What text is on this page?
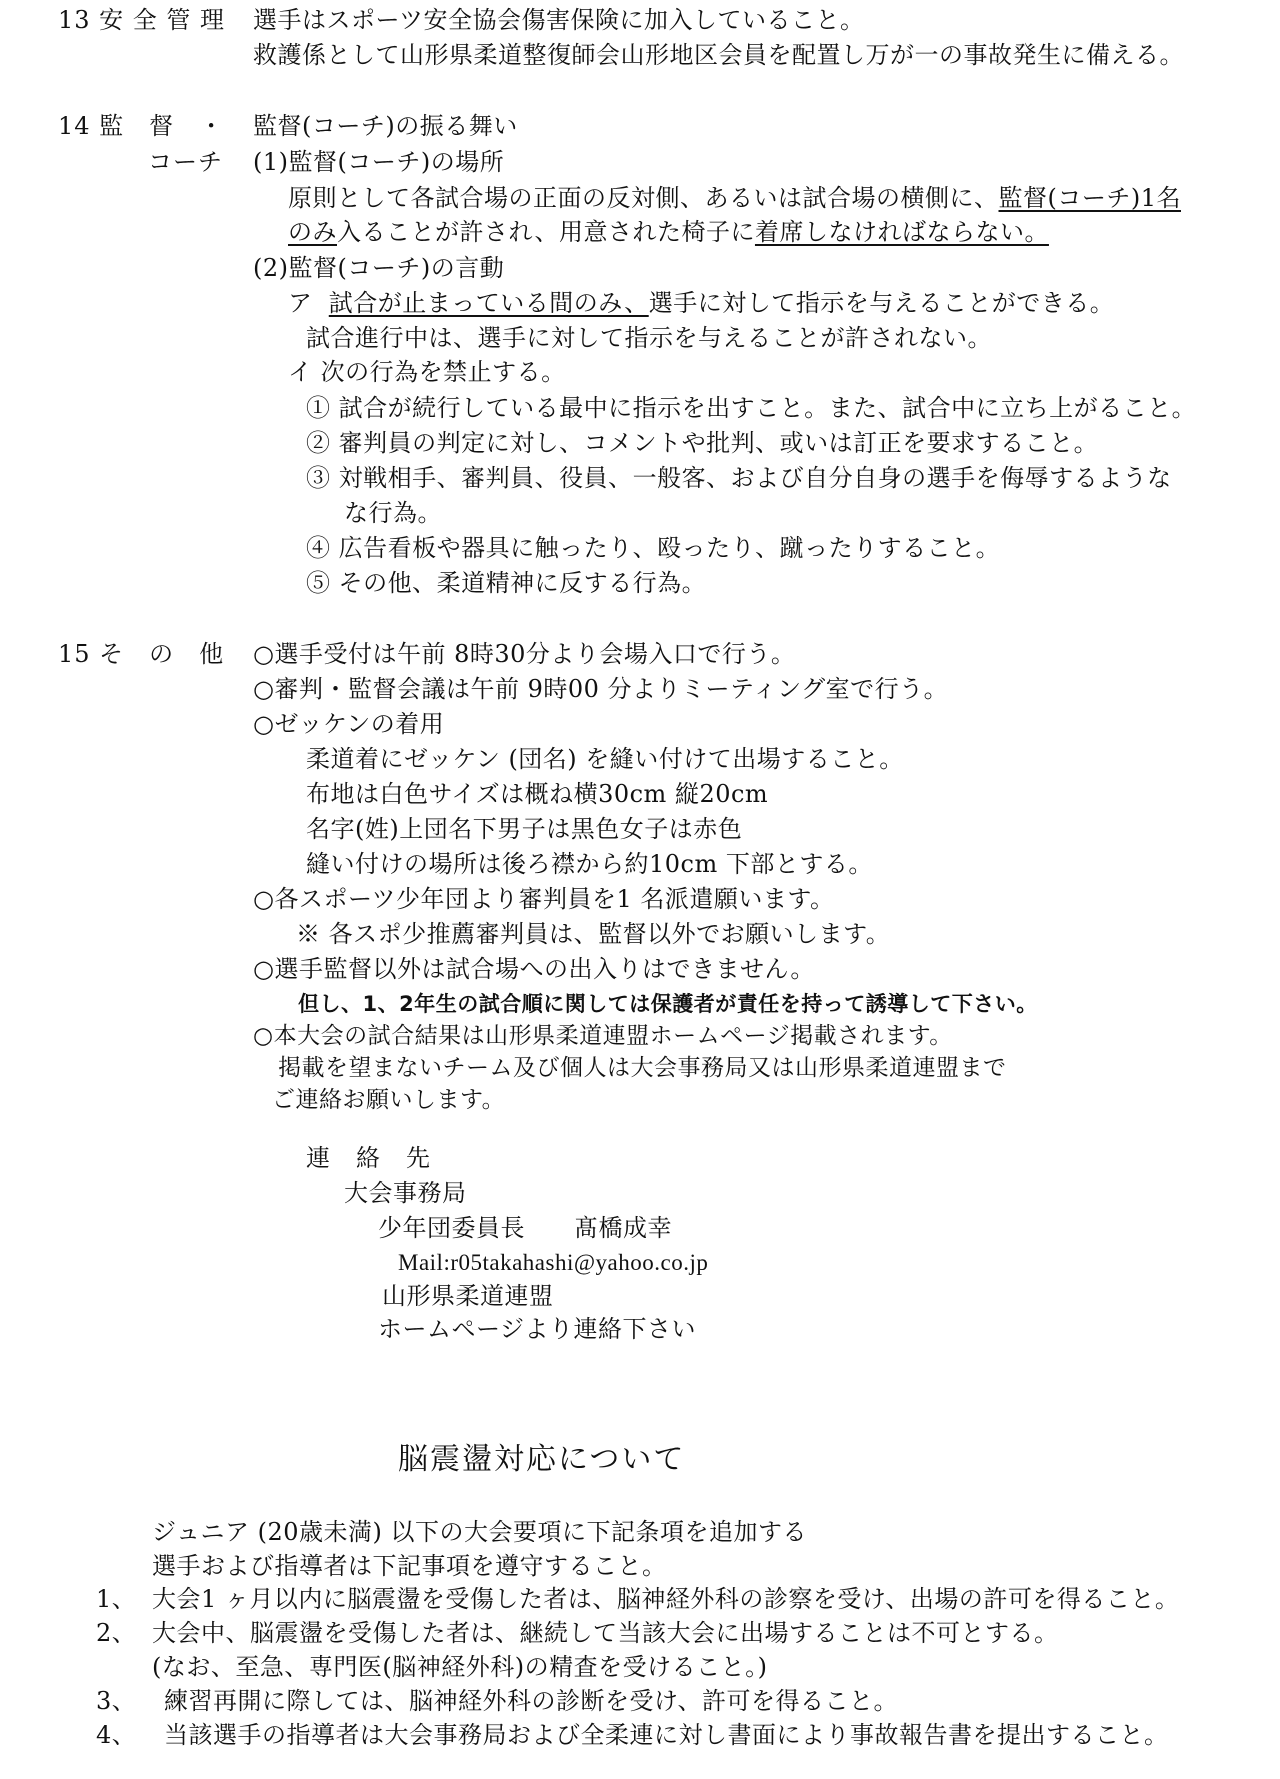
13 安 全 管 理 選手はスポーツ安全協会傷害保険に加入していること。
救護係として山形県柔道整復師会山形地区会員を配置し万が一の事故発生に備える。
14 監　督　・
コーチ
監督(コーチ)の振る舞い
(1)監督(コーチ)の場所
原則として各試合場の正面の反対側、あるいは試合場の横側に、監督(コーチ)1名
のみ入ることが許され、用意された椅子に着席しなければならない。
(2)監督(コーチ)の言動
ア 試合が止まっている間のみ、選手に対して指示を与えることができる。
試合進行中は、選手に対して指示を与えることが許されない。
イ 次の行為を禁止する。
① 試合が続行している最中に指示を出すこと。また、試合中に立ち上がること。
② 審判員の判定に対し、コメントや批判、或いは訂正を要求すること。
③ 対戦相手、審判員、役員、一般客、および自分自身の選手を侮辱するような
な行為。
④ 広告看板や器具に触ったり、殴ったり、蹴ったりすること。
⑤ その他、柔道精神に反する行為。
15 そ　の　他 ○選手受付は午前 8時30分より会場入口で行う。
○審判・監督会議は午前 9時00 分よりミーティング室で行う。
○ゼッケンの着用
柔道着にゼッケン (団名) を縫い付けて出場すること。
布地は白色サイズは概ね横30cm 縦20cm
名字(姓)上団名下男子は黒色女子は赤色
縫い付けの場所は後ろ襟から約10cm 下部とする。
○各スポーツ少年団より審判員を1 名派遣願います。
※ 各スポ少推薦審判員は、監督以外でお願いします。
○選手監督以外は試合場への出入りはできません。
但し、1、2年生の試合順に関しては保護者が責任を持って誘導して下さい。
○本大会の試合結果は山形県柔道連盟ホームページ掲載されます。
掲載を望まないチーム及び個人は大会事務局又は山形県柔道連盟まで
ご連絡お願いします。
連　絡　先
大会事務局
少年団委員長　　髙橋成幸
Mail:r05takahashi@yahoo.co.jp
山形県柔道連盟
ホームページより連絡下さい
脳震盪対応について
ジュニア (20歳未満) 以下の大会要項に下記条項を追加する
選手および指導者は下記事項を遵守すること。
1、 大会1 ヶ月以内に脳震盪を受傷した者は、脳神経外科の診察を受け、出場の許可を得ること。
2、 大会中、脳震盪を受傷した者は、継続して当該大会に出場することは不可とする。
(なお、至急、専門医(脳神経外科)の精査を受けること。)
3、 練習再開に際しては、脳神経外科の診断を受け、許可を得ること。
4、 当該選手の指導者は大会事務局および全柔連に対し書面により事故報告書を提出すること。
